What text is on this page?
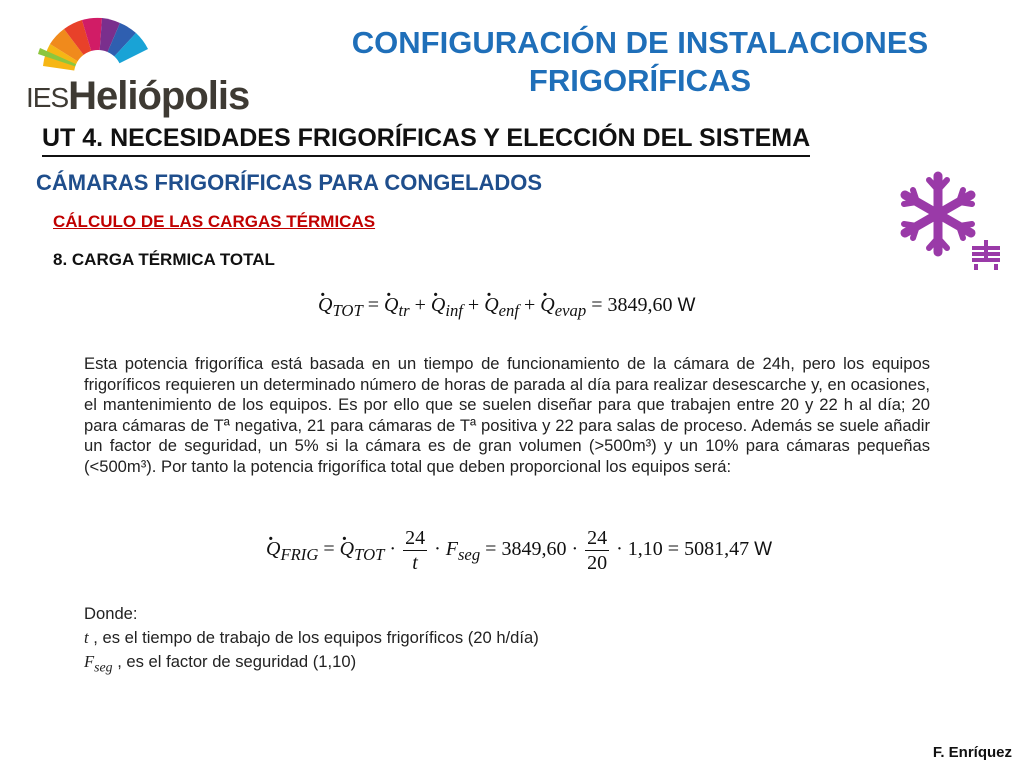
IESHeliópolis
CONFIGURACIÓN DE INSTALACIONES
FRIGORÍFICAS
UT 4. NECESIDADES FRIGORÍFICAS Y ELECCIÓN DEL SISTEMA
CÁMARAS FRIGORÍFICAS PARA CONGELADOS
CÁLCULO DE LAS CARGAS TÉRMICAS
8. CARGA TÉRMICA TOTAL
. $Q_{TOT}$ = . $Q_{tr}$ + . $Q_{inf}$ + . $Q_{enf}$ + . $Q_{evap} = 3849,60$ W
Esta potencia frigorífica está basada en un tiempo de funcionamiento de la cámara de 24h, pero los equipos frigoríficos requieren un determinado número de horas de parada al día para realizar desescarche y, en ocasiones, el mantenimiento de los equipos. Es por ello que se suelen diseñar para que trabajen entre 20 y 22 h al día; 20 para cámaras de Tª negativa, 21 para cámaras de Tª positiva y 22 para salas de proceso. Además se suele añadir un factor de seguridad, un 5% si la cámara es de gran volumen (>500m³) y un 10% para cámaras pequeñas (<500m³). Por tanto la potencia frigorífica total que deben proporcional los equipos será:
. $Q_{FRIG}$ = . $Q_{TOT} \cdot \frac{24}{t} \cdot F_{seg} = 3849,60 \cdot \frac{24}{20} \cdot 1,10 = 5081,47$ W
Donde:
t , es el tiempo de trabajo de los equipos frigoríficos (20 h/día)
$F_{seg}$ , es el factor de seguridad (1,10)
F. Enríquez
